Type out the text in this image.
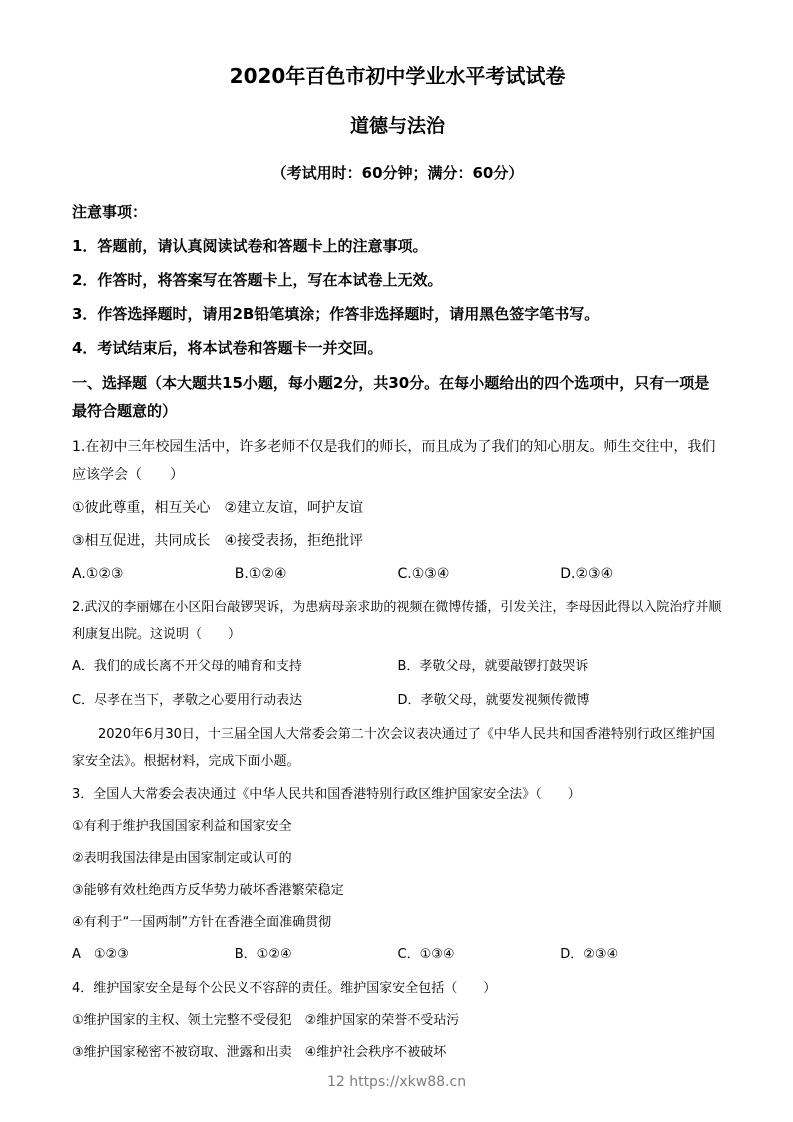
2020年百色市初中学业水平考试试卷
道德与法治
（考试用时：60分钟；满分：60分）

注意事项：

1．答题前，请认真阅读试卷和答题卡上的注意事项。

2．作答时，将答案写在答题卡上，写在本试卷上无效。

3．作答选择题时，请用2B铅笔填涂；作答非选择题时，请用黑色签字笔书写。

4．考试结束后，将本试卷和答题卡一并交回。

一、选择题（本大题共15小题，每小题2分，共30分。在每小题给出的四个选项中，只有一项是最符合题意的）

1.在初中三年校园生活中，许多老师不仅是我们的师长，而且成为了我们的知心朋友。师生交往中，我们应该学会（　　）

①彼此尊重，相互关心　②建立友谊，呵护友谊

③相互促进，共同成长　④接受表扬，拒绝批评

A.①②③	B.①②④	C.①③④	D.②③④

2.武汉的李丽娜在小区阳台敲锣哭诉，为患病母亲求助的视频在微博传播，引发关注，李母因此得以入院治疗并顺利康复出院。这说明（　　）

A．我们的成长离不开父母的哺育和支持	B．孝敬父母，就要敲锣打鼓哭诉
C．尽孝在当下，孝敬之心要用行动表达	D．孝敬父母，就要发视频传微博

2020年6月30日，十三届全国人大常委会第二十次会议表决通过了《中华人民共和国香港特别行政区维护国家安全法》。根据材料，完成下面小题。

3．全国人大常委会表决通过《中华人民共和国香港特别行政区维护国家安全法》（　　）

①有利于维护我国国家利益和国家安全

②表明我国法律是由国家制定或认可的

③能够有效杜绝西方反华势力破坏香港繁荣稳定

④有利于“一国两制”方针在香港全面准确贯彻

A　①②③	B．①②④	C．①③④	D．②③④

4．维护国家安全是每个公民义不容辞的责任。维护国家安全包括（　　）

①维护国家的主权、领土完整不受侵犯　②维护国家的荣誉不受玷污

③维护国家秘密不被窃取、泄露和出卖　④维护社会秩序不被破坏

12 https://xkw88.cn
